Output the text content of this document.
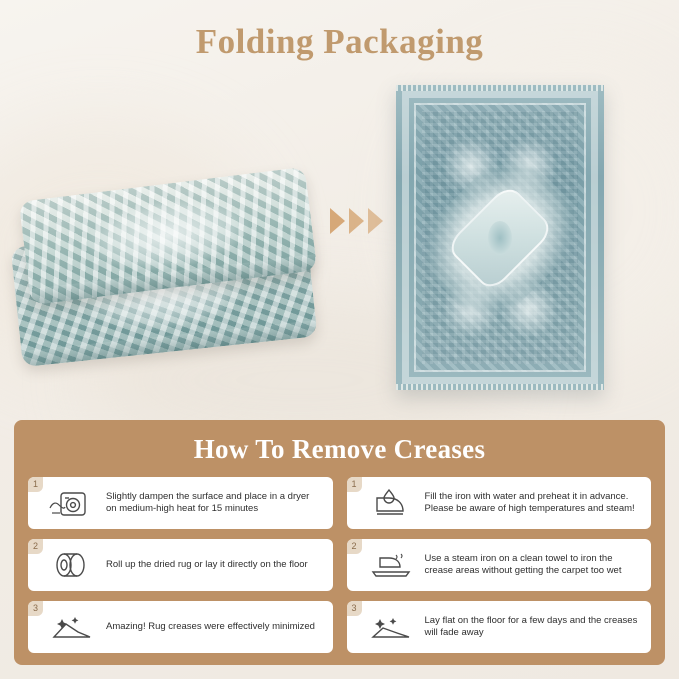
Folding Packaging
How To Remove Creases
1
Slightly dampen the surface and place in a dryer on medium-high heat for 15 minutes
2
Roll up the dried rug or lay it directly on the floor
3
Amazing! Rug creases were effectively minimized
1
Fill the iron with water and preheat it in advance. Please be aware of high temperatures and steam!
2
Use a steam iron on a clean towel to iron the crease areas without getting the carpet too wet
3
Lay flat on the floor for a few days and the creases will fade away
